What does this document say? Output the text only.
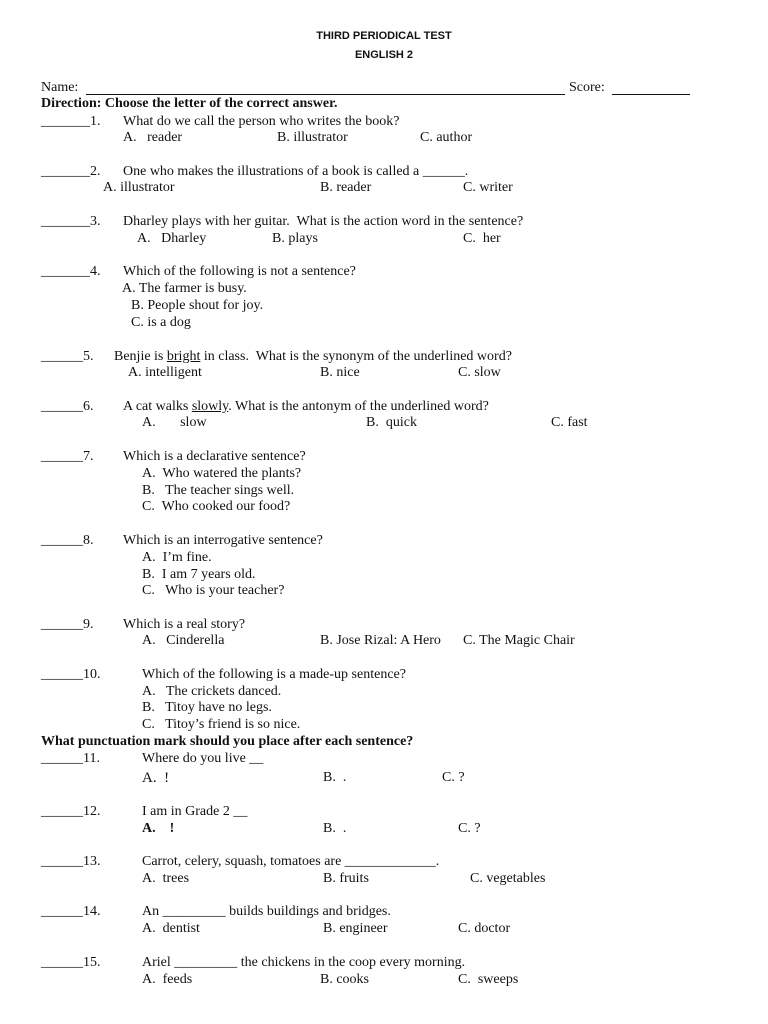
THIRD PERIODICAL TEST
ENGLISH 2
Name:	Score:
Direction: Choose the letter of the correct answer.
_______1. What do we call the person who writes the book?
A.   reader	B. illustrator	C. author
_______2. One who makes the illustrations of a book is called a ______.
A. illustrator	B. reader	C. writer
_______3. Dharley plays with her guitar.  What is the action word in the sentence?
A.   Dharley	B. plays	C.  her
_______4. Which of the following is not a sentence?
A. The farmer is busy.
B. People shout for joy.
C. is a dog
______5. Benjie is bright in class.  What is the synonym of the underlined word?
A. intelligent	B. nice	C. slow
______6. A cat walks slowly. What is the antonym of the underlined word?
A.       slow	B.  quick	C. fast
______7. Which is a declarative sentence?
A.  Who watered the plants?
B.   The teacher sings well.
C.  Who cooked our food?
______8. Which is an interrogative sentence?
A.  I’m fine.
B.  I am 7 years old.
C.   Who is your teacher?
______9. Which is a real story?
A.   Cinderella	B. Jose Rizal: A Hero C. The Magic Chair
______10.	Which of the following is a made-up sentence?
A.   The crickets danced.
B.   Titoy have no legs.
C.   Titoy’s friend is so nice.
What punctuation mark should you place after each sentence?
______11.	Where do you live __
A.  !	B.  .	C. ?
______12.	I am in Grade 2 __
A.    !	B.  .	C. ?
______13.	Carrot, celery, squash, tomatoes are _____________.
A.  trees	B. fruits	C. vegetables
______14.	An _________ builds buildings and bridges.
A.  dentist	B. engineer	C. doctor
______15.	Ariel _________ the chickens in the coop every morning.
A.  feeds	B. cooks	C.  sweeps
